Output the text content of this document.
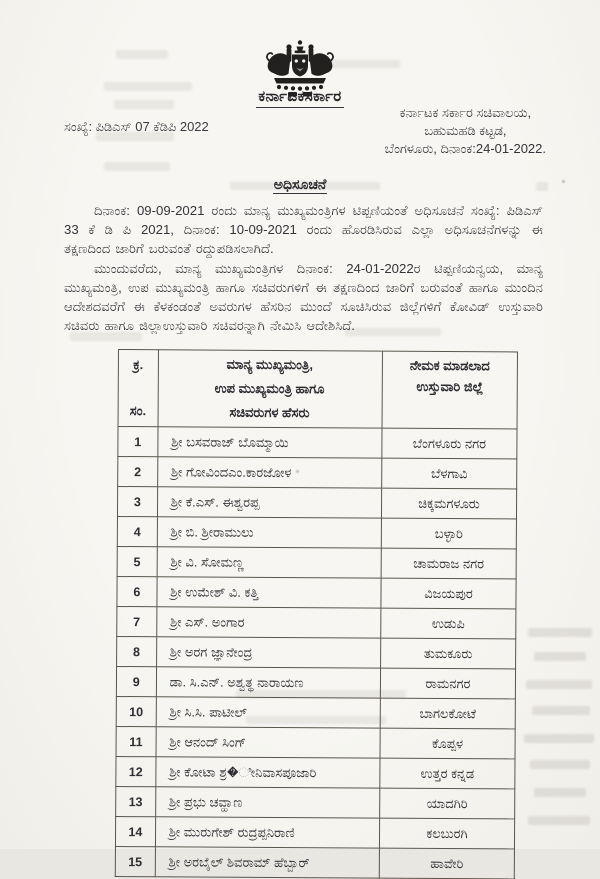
ಕರ್ನಾಟಕಸರ್ಕಾರ
ಸಂಖ್ಯೆ: ಪಿಡಿಎಸ್ 07 ಕೆಡಿಪಿ 2022
ಕರ್ನಾಟಕ ಸರ್ಕಾರ ಸಚಿವಾಲಯ,
ಬಹುಮಹಡಿ ಕಟ್ಟಡ,
ಬೆಂಗಳೂರು, ದಿನಾಂಕ:24-01-2022.
ಅಧಿಸೂಚನೆ

ದಿನಾಂಕ: 09-09-2021 ರಂದು ಮಾನ್ಯ ಮುಖ್ಯಮಂತ್ರಿಗಳ ಟಿಪ್ಪಣಿಯಂತೆ ಅಧಿಸೂಚನೆ ಸಂಖ್ಯೆ: ಪಿಡಿಎಸ್ 33 ಕೆ ಡಿ ಪಿ 2021, ದಿನಾಂಕ: 10-09-2021 ರಂದು ಹೊರಡಿಸಿರುವ ಎಲ್ಲಾ ಅಧಿಸೂಚನೆಗಳನ್ನು ಈ ತಕ್ಷಣದಿಂದ ಜಾರಿಗೆ ಬರುವಂತೆ ರದ್ದುಪಡಿಸಲಾಗಿದೆ.

ಮುಂದುವರೆದು, ಮಾನ್ಯ ಮುಖ್ಯಮಂತ್ರಿಗಳ ದಿನಾಂಕ: 24-01-2022ರ ಟಿಪ್ಪಣಿಯನ್ವಯ, ಮಾನ್ಯ ಮುಖ್ಯಮಂತ್ರಿ, ಉಪ ಮುಖ್ಯಮಂತ್ರಿ ಹಾಗೂ ಸಚಿವರುಗಳಿಗೆ ಈ ತಕ್ಷಣದಿಂದ ಜಾರಿಗೆ ಬರುವಂತೆ ಹಾಗೂ ಮುಂದಿನ ಆದೇಶದವರೆಗೆ ಈ ಕೆಳಕಂಡಂತೆ ಅವರುಗಳ ಹೆಸರಿನ ಮುಂದೆ ಸೂಚಿಸಿರುವ ಜಿಲ್ಲೆಗಳಿಗೆ ಕೋವಿಡ್ ಉಸ್ತುವಾರಿ ಸಚಿವರು ಹಾಗೂ ಜಿಲ್ಲಾಉಸ್ತುವಾರಿ ಸಚಿವರನ್ನಾಗಿ ನೇಮಿಸಿ ಆದೇಶಿಸಿದೆ.

ಕ್ರ.
ಸಂ.

ಮಾನ್ಯ ಮುಖ್ಯಮಂತ್ರಿ,
ಉಪ ಮುಖ್ಯಮಂತ್ರಿ ಹಾಗೂ
ಸಚಿವರುಗಳ ಹೆಸರು

ನೇಮಕ ಮಾಡಲಾದ
ಉಸ್ತುವಾರಿ ಜಿಲ್ಲೆ

1	ಶ್ರೀ ಬಸವರಾಜ್ ಬೊಮ್ಮಾಯಿ	ಬೆಂಗಳೂರು ನಗರ
2	ಶ್ರೀ ಗೋವಿಂದಎಂ.ಕಾರಜೋಳ	ಬೆಳಗಾವಿ
3	ಶ್ರೀ ಕೆ.ಎಸ್. ಈಶ್ವರಪ್ಪ	ಚಿಕ್ಕಮಗಳೂರು
4	ಶ್ರೀ ಬಿ. ಶ್ರೀರಾಮುಲು	ಬಳ್ಳಾರಿ
5	ಶ್ರೀ ವಿ. ಸೋಮಣ್ಣ	ಚಾಮರಾಜ ನಗರ
6	ಶ್ರೀ ಉಮೇಶ್ ವಿ. ಕತ್ತಿ	ವಿಜಯಪುರ
7	ಶ್ರೀ ಎಸ್. ಅಂಗಾರ	ಉಡುಪಿ
8	ಶ್ರೀ ಅರಗ ಜ್ಞಾನೇಂದ್ರ	ತುಮಕೂರು
9	ಡಾ. ಸಿ.ಎನ್. ಅಶ್ವತ್ಥ ನಾರಾಯಣ	ರಾಮನಗರ
10	ಶ್ರೀ ಸಿ.ಸಿ. ಪಾಟೀಲ್	ಬಾಗಲಕೋಟೆ
11	ಶ್ರೀ ಆನಂದ್ ಸಿಂಗ್	ಕೊಪ್ಪಳ
12	ಶ್ರೀ ಕೋಟಾ ಶ್ರ�ೀನಿವಾಸಪೂಜಾರಿ	ಉತ್ತರ ಕನ್ನಡ
13	ಶ್ರೀ ಪ್ರಭು ಚವ್ಹಾಣ	ಯಾದಗಿರಿ
14	ಶ್ರೀ ಮುರುಗೇಶ್ ರುದ್ರಪ್ಪನಿರಾಣಿ	ಕಲಬುರಗಿ
15	ಶ್ರೀ ಅರಬೈಲ್ ಶಿವರಾಮ್ ಹೆಬ್ಬಾರ್	ಹಾವೇರಿ
